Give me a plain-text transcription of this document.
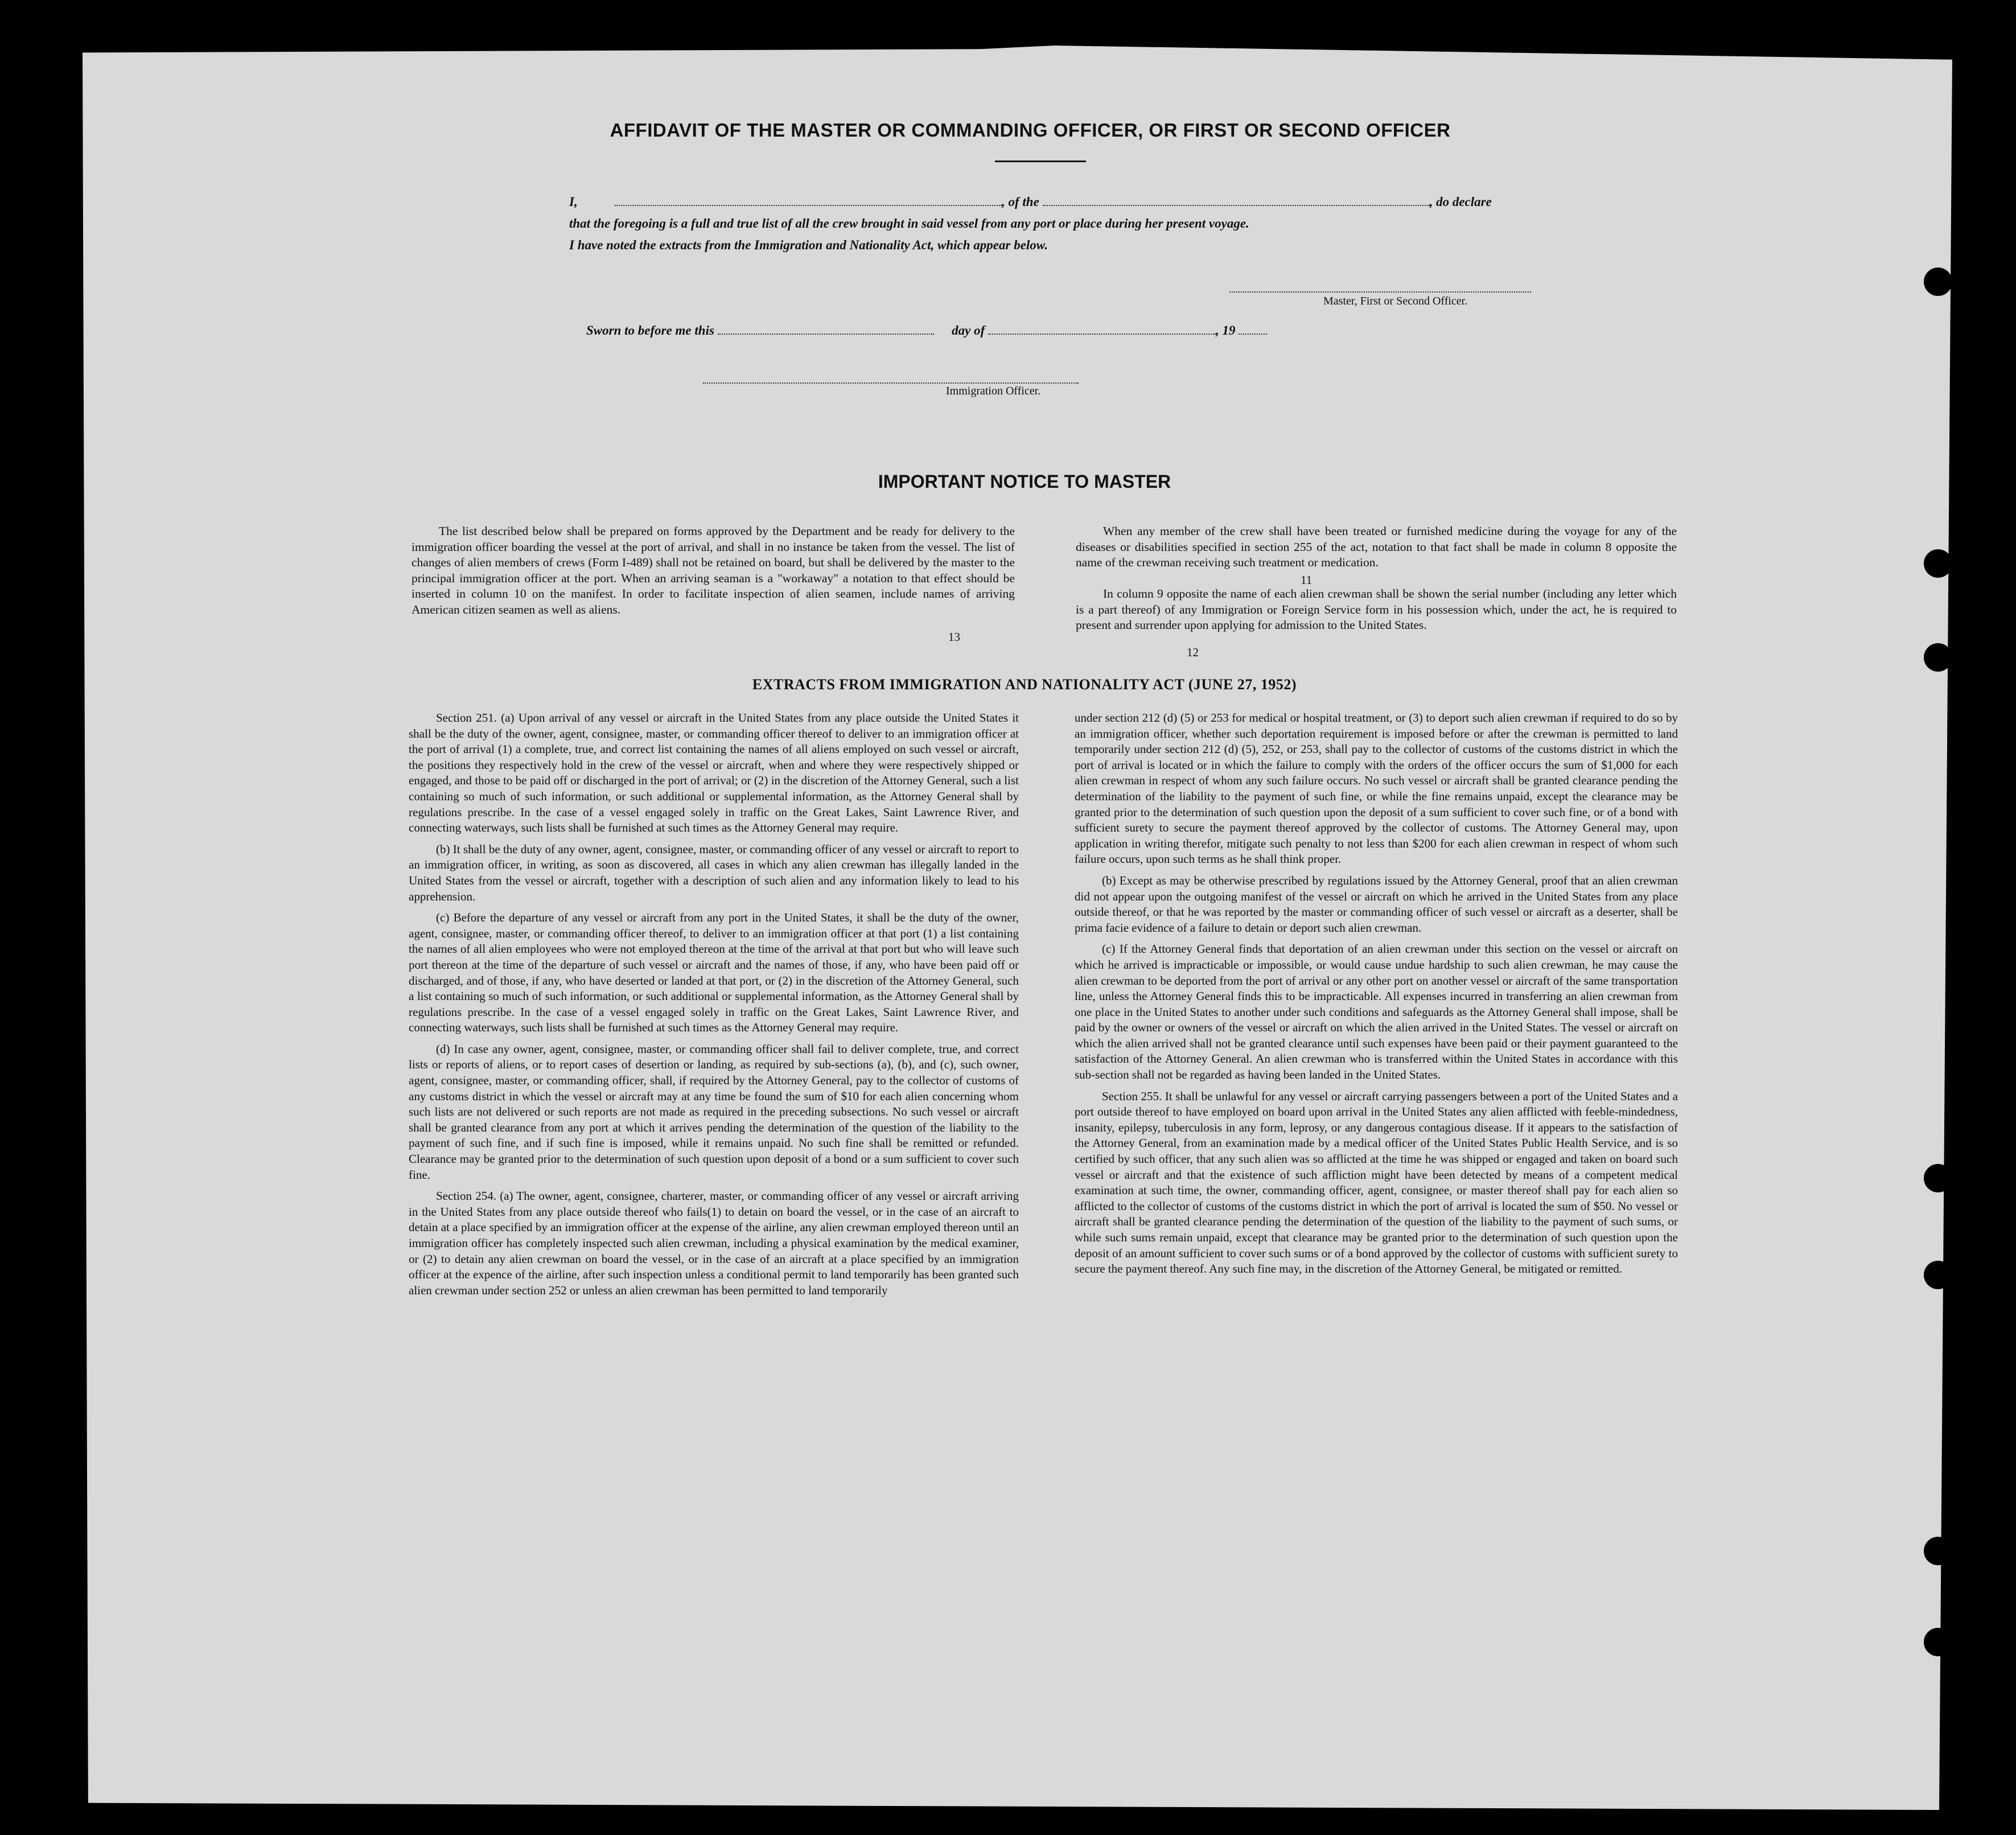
AFFIDAVIT OF THE MASTER OR COMMANDING OFFICER, OR FIRST OR SECOND OFFICER
I,	, of the	, do declare
that the foregoing is a full and true list of all the crew brought in said vessel from any port or place during her present voyage.
I have noted the extracts from the Immigration and Nationality Act, which appear below.
Master, First or Second Officer.
Sworn to before me this	day of	, 19
Immigration Officer.
IMPORTANT NOTICE TO MASTER
The list described below shall be prepared on forms approved by the Department and be ready for delivery to the immigration officer boarding the vessel at the port of arrival, and shall in no instance be taken from the vessel. The list of changes of alien members of crews (Form I-489) shall not be retained on board, but shall be delivered by the master to the principal immigration officer at the port. When an arriving seaman is a "workaway" a notation to that effect should be inserted in column 10 on the manifest. In order to facilitate inspection of alien seamen, include names of arriving American citizen seamen as well as aliens.
13
When any member of the crew shall have been treated or furnished medicine during the voyage for any of the diseases or disabilities specified in section 255 of the act, notation to that fact shall be made in column 8 opposite the name of the crewman receiving such treatment or medication.
11
In column 9 opposite the name of each alien crewman shall be shown the serial number (including any letter which is a part thereof) of any Immigration or Foreign Service form in his possession which, under the act, he is required to present and surrender upon applying for admission to the United States.
12
EXTRACTS FROM IMMIGRATION AND NATIONALITY ACT (JUNE 27, 1952)

Section 251. (a) Upon arrival of any vessel or aircraft in the United States from any place outside the United States it shall be the duty of the owner, agent, consignee, master, or commanding officer thereof to deliver to an immigration officer at the port of arrival (1) a complete, true, and correct list containing the names of all aliens employed on such vessel or aircraft, the positions they respectively hold in the crew of the vessel or aircraft, when and where they were respectively shipped or engaged, and those to be paid off or discharged in the port of arrival; or (2) in the discretion of the Attorney General, such a list containing so much of such information, or such additional or supplemental information, as the Attorney General shall by regulations prescribe. In the case of a vessel engaged solely in traffic on the Great Lakes, Saint Lawrence River, and connecting waterways, such lists shall be furnished at such times as the Attorney General may require.

(b) It shall be the duty of any owner, agent, consignee, master, or commanding officer of any vessel or aircraft to report to an immigration officer, in writing, as soon as discovered, all cases in which any alien crewman has illegally landed in the United States from the vessel or aircraft, together with a description of such alien and any information likely to lead to his apprehension.

(c) Before the departure of any vessel or aircraft from any port in the United States, it shall be the duty of the owner, agent, consignee, master, or commanding officer thereof, to deliver to an immigration officer at that port (1) a list containing the names of all alien employees who were not employed thereon at the time of the arrival at that port but who will leave such port thereon at the time of the departure of such vessel or aircraft and the names of those, if any, who have been paid off or discharged, and of those, if any, who have deserted or landed at that port, or (2) in the discretion of the Attorney General, such a list containing so much of such information, or such additional or supplemental information, as the Attorney General shall by regulations prescribe. In the case of a vessel engaged solely in traffic on the Great Lakes, Saint Lawrence River, and connecting waterways, such lists shall be furnished at such times as the Attorney General may require.

(d) In case any owner, agent, consignee, master, or commanding officer shall fail to deliver complete, true, and correct lists or reports of aliens, or to report cases of desertion or landing, as required by sub-sections (a), (b), and (c), such owner, agent, consignee, master, or commanding officer, shall, if required by the Attorney General, pay to the collector of customs of any customs district in which the vessel or aircraft may at any time be found the sum of $10 for each alien concerning whom such lists are not delivered or such reports are not made as required in the preceding subsections. No such vessel or aircraft shall be granted clearance from any port at which it arrives pending the determination of the question of the liability to the payment of such fine, and if such fine is imposed, while it remains unpaid. No such fine shall be remitted or refunded. Clearance may be granted prior to the determination of such question upon deposit of a bond or a sum sufficient to cover such fine.

Section 254. (a) The owner, agent, consignee, charterer, master, or commanding officer of any vessel or aircraft arriving in the United States from any place outside thereof who fails(1) to detain on board the vessel, or in the case of an aircraft to detain at a place specified by an immigration officer at the expense of the airline, any alien crewman employed thereon until an immigration officer has completely inspected such alien crewman, including a physical examination by the medical examiner, or (2) to detain any alien crewman on board the vessel, or in the case of an aircraft at a place specified by an immigration officer at the expence of the airline, after such inspection unless a conditional permit to land temporarily has been granted such alien crewman under section 252 or unless an alien crewman has been permitted to land temporarily

under section 212 (d) (5) or 253 for medical or hospital treatment, or (3) to deport such alien crewman if required to do so by an immigration officer, whether such deportation requirement is imposed before or after the crewman is permitted to land temporarily under section 212 (d) (5), 252, or 253, shall pay to the collector of customs of the customs district in which the port of arrival is located or in which the failure to comply with the orders of the officer occurs the sum of $1,000 for each alien crewman in respect of whom any such failure occurs. No such vessel or aircraft shall be granted clearance pending the determination of the liability to the payment of such fine, or while the fine remains unpaid, except the clearance may be granted prior to the determination of such question upon the deposit of a sum sufficient to cover such fine, or of a bond with sufficient surety to secure the payment thereof approved by the collector of customs. The Attorney General may, upon application in writing therefor, mitigate such penalty to not less than $200 for each alien crewman in respect of whom such failure occurs, upon such terms as he shall think proper.

(b) Except as may be otherwise prescribed by regulations issued by the Attorney General, proof that an alien crewman did not appear upon the outgoing manifest of the vessel or aircraft on which he arrived in the United States from any place outside thereof, or that he was reported by the master or commanding officer of such vessel or aircraft as a deserter, shall be prima facie evidence of a failure to detain or deport such alien crewman.

(c) If the Attorney General finds that deportation of an alien crewman under this section on the vessel or aircraft on which he arrived is impracticable or impossible, or would cause undue hardship to such alien crewman, he may cause the alien crewman to be deported from the port of arrival or any other port on another vessel or aircraft of the same transportation line, unless the Attorney General finds this to be impracticable. All expenses incurred in transferring an alien crewman from one place in the United States to another under such conditions and safeguards as the Attorney General shall impose, shall be paid by the owner or owners of the vessel or aircraft on which the alien arrived in the United States. The vessel or aircraft on which the alien arrived shall not be granted clearance until such expenses have been paid or their payment guaranteed to the satisfaction of the Attorney General. An alien crewman who is transferred within the United States in accordance with this sub-section shall not be regarded as having been landed in the United States.

Section 255. It shall be unlawful for any vessel or aircraft carrying passengers between a port of the United States and a port outside thereof to have employed on board upon arrival in the United States any alien afflicted with feeble-mindedness, insanity, epilepsy, tuberculosis in any form, leprosy, or any dangerous contagious disease. If it appears to the satisfaction of the Attorney General, from an examination made by a medical officer of the United States Public Health Service, and is so certified by such officer, that any such alien was so afflicted at the time he was shipped or engaged and taken on board such vessel or aircraft and that the existence of such affliction might have been detected by means of a competent medical examination at such time, the owner, commanding officer, agent, consignee, or master thereof shall pay for each alien so afflicted to the collector of customs of the customs district in which the port of arrival is located the sum of $50. No vessel or aircraft shall be granted clearance pending the determination of the question of the liability to the payment of such sums, or while such sums remain unpaid, except that clearance may be granted prior to the determination of such question upon the deposit of an amount sufficient to cover such sums or of a bond approved by the collector of customs with sufficient surety to secure the payment thereof. Any such fine may, in the discretion of the Attorney General, be mitigated or remitted.
